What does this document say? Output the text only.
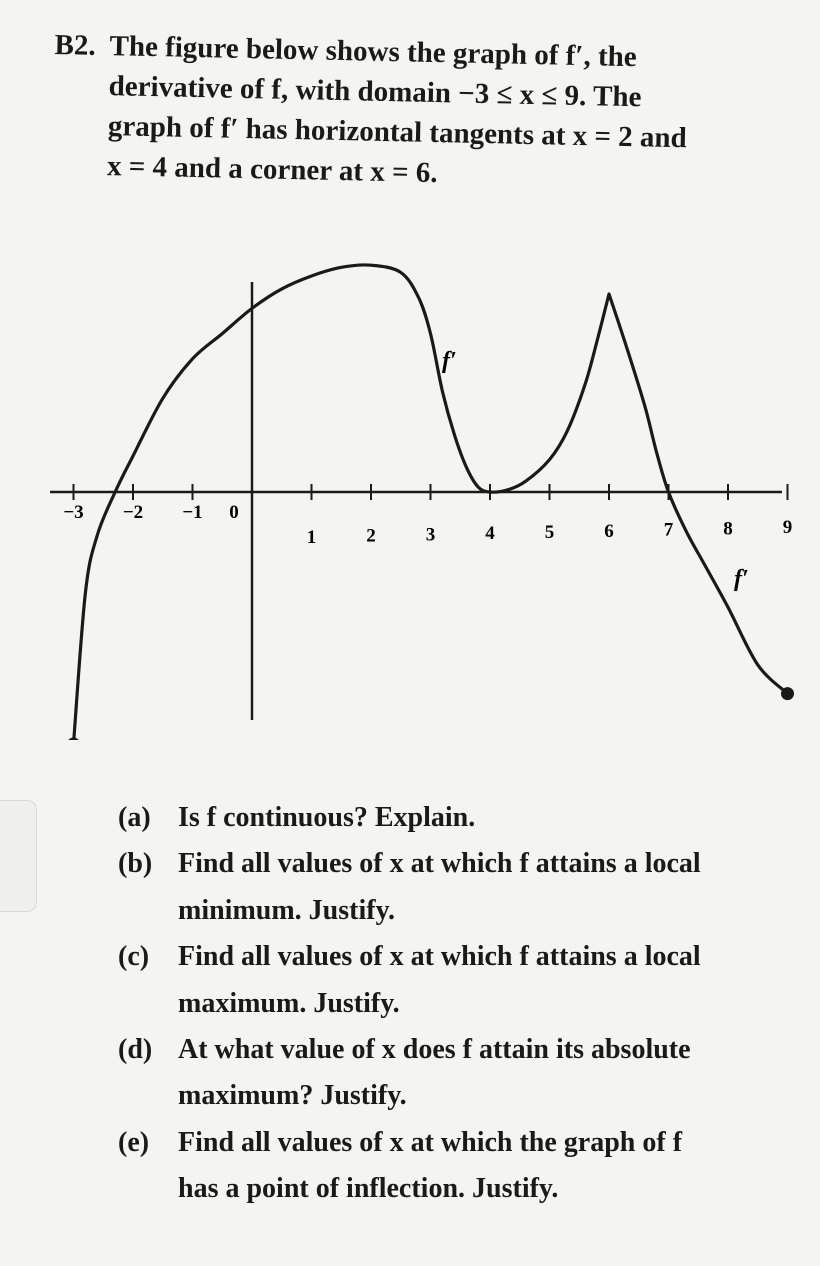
B2. The figure below shows the graph of f′, the
derivative of f, with domain −3 ≤ x ≤ 9. The
graph of f′ has horizontal tangents at x = 2 and
x = 4 and a corner at x = 6.
−3 −2 −1 0
1	2	3	4	5	6	7	8	9
f′
f′
(a) Is f continuous? Explain.
(b) Find all values of x at which f attains a local
minimum. Justify.
(c) Find all values of x at which f attains a local
maximum. Justify.
(d) At what value of x does f attain its absolute
maximum? Justify.
(e) Find all values of x at which the graph of f
has a point of inflection. Justify.
